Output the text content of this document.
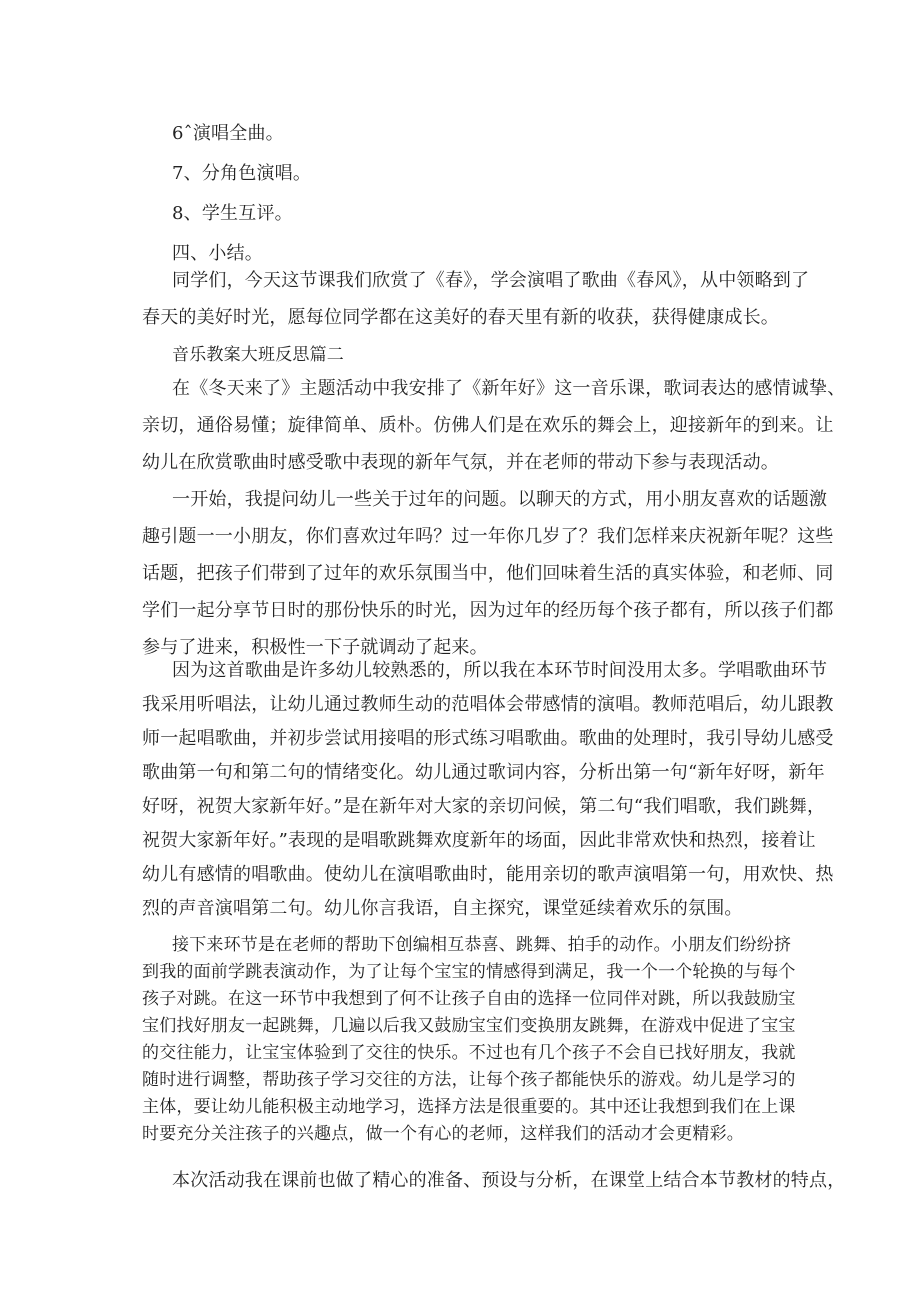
6ˆ演唱全曲。
7、分角色演唱。
8、学生互评。
四、小结。
同学们，今天这节课我们欣赏了《春》，学会演唱了歌曲《春风》，从中领略到了
春天的美好时光，愿每位同学都在这美好的春天里有新的收获，获得健康成长。
音乐教案大班反思篇二
在《冬天来了》主题活动中我安排了《新年好》这一音乐课，歌词表达的感情诚挚、
亲切，通俗易懂；旋律简单、质朴。仿佛人们是在欢乐的舞会上，迎接新年的到来。让
幼儿在欣赏歌曲时感受歌中表现的新年气氛，并在老师的带动下参与表现活动。
一开始，我提问幼儿一些关于过年的问题。以聊天的方式，用小朋友喜欢的话题激
趣引题一一小朋友，你们喜欢过年吗？过一年你几岁了？我们怎样来庆祝新年呢？这些
话题，把孩子们带到了过年的欢乐氛围当中，他们回味着生活的真实体验，和老师、同
学们一起分享节日时的那份快乐的时光，因为过年的经历每个孩子都有，所以孩子们都
参与了进来，积极性一下子就调动了起来。
因为这首歌曲是许多幼儿较熟悉的，所以我在本环节时间没用太多。学唱歌曲环节
我采用听唱法，让幼儿通过教师生动的范唱体会带感情的演唱。教师范唱后，幼儿跟教
师一起唱歌曲，并初步尝试用接唱的形式练习唱歌曲。歌曲的处理时，我引导幼儿感受
歌曲第一句和第二句的情绪变化。幼儿通过歌词内容，分析出第一句“新年好呀，新年
好呀，祝贺大家新年好。”是在新年对大家的亲切问候，第二句“我们唱歌，我们跳舞，
祝贺大家新年好。”表现的是唱歌跳舞欢度新年的场面，因此非常欢快和热烈，接着让
幼儿有感情的唱歌曲。使幼儿在演唱歌曲时，能用亲切的歌声演唱第一句，用欢快、热
烈的声音演唱第二句。幼儿你言我语，自主探究，课堂延续着欢乐的氛围。
接下来环节是在老师的帮助下创编相互恭喜、跳舞、拍手的动作。小朋友们纷纷挤
到我的面前学跳表演动作，为了让每个宝宝的情感得到满足，我一个一个轮换的与每个
孩子对跳。在这一环节中我想到了何不让孩子自由的选择一位同伴对跳，所以我鼓励宝
宝们找好朋友一起跳舞，几遍以后我又鼓励宝宝们变换朋友跳舞，在游戏中促进了宝宝
的交往能力，让宝宝体验到了交往的快乐。不过也有几个孩子不会自已找好朋友，我就
随时进行调整，帮助孩子学习交往的方法，让每个孩子都能快乐的游戏。幼儿是学习的
主体，要让幼儿能积极主动地学习，选择方法是很重要的。其中还让我想到我们在上课
时要充分关注孩子的兴趣点，做一个有心的老师，这样我们的活动才会更精彩。
本次活动我在课前也做了精心的准备、预设与分析，在课堂上结合本节教材的特点，
